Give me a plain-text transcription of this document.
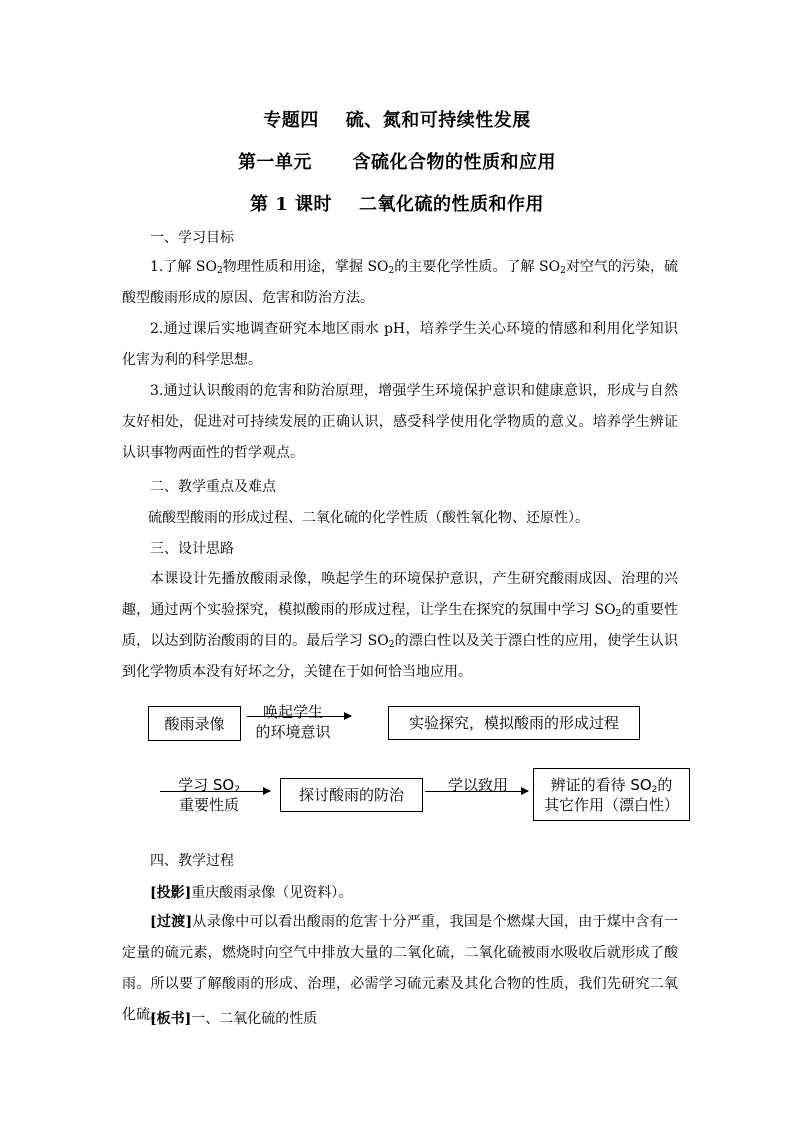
专题四    硫、氮和可持续性发展
第一单元      含硫化合物的性质和应用
第 1 课时    二氧化硫的性质和作用
一、学习目标
1.了解 $SO_2$物理性质和用途，掌握 $SO_2$的主要化学性质。了解 $SO_2$对空气的污染，硫酸型酸雨形成的原因、危害和防治方法。
2.通过课后实地调查研究本地区雨水 pH，培养学生关心环境的情感和利用化学知识化害为利的科学思想。
3.通过认识酸雨的危害和防治原理，增强学生环境保护意识和健康意识，形成与自然友好相处，促进对可持续发展的正确认识，感受科学使用化学物质的意义。培养学生辨证认识事物两面性的哲学观点。
二、教学重点及难点
硫酸型酸雨的形成过程、二氧化硫的化学性质（酸性氧化物、还原性）。
三、设计思路
本课设计先播放酸雨录像，唤起学生的环境保护意识，产生研究酸雨成因、治理的兴趣，通过两个实验探究，模拟酸雨的形成过程，让学生在探究的氛围中学习 $SO_2$的重要性质，以达到防治酸雨的目的。最后学习 $SO_2$的漂白性以及关于漂白性的应用，使学生认识到化学物质本没有好坏之分，关键在于如何恰当地应用。
酸雨录像
唤起学生
的环境意识	实验探究，模拟酸雨的形成过程
学习 $SO_2$
重要性质
探讨酸雨的防治
学以致用	辨证的看待 $SO_2$的
其它作用（漂白性）
四、教学过程
[投影]重庆酸雨录像（见资料）。
[过渡]从录像中可以看出酸雨的危害十分严重，我国是个燃煤大国，由于煤中含有一定量的硫元素，燃烧时向空气中排放大量的二氧化硫，二氧化硫被雨水吸收后就形成了酸雨。所以要了解酸雨的形成、治理，必需学习硫元素及其化合物的性质，我们先研究二氧化硫。
[板书]一、二氧化硫的性质
